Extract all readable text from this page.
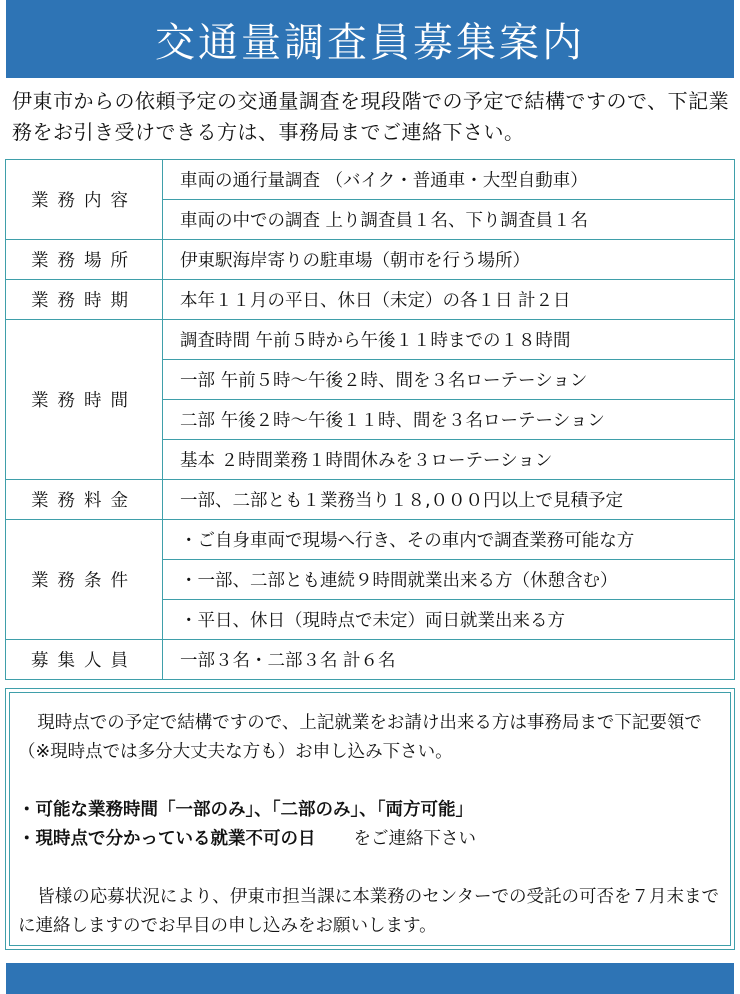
交通量調査員募集案内
伊東市からの依頼予定の交通量調査を現段階での予定で結構ですので、下記業務をお引き受けできる方は、事務局までご連絡下さい。
業務内容	車両の通行量調査 （バイク・普通車・大型自動車）
	車両の中での調査 上り調査員１名、下り調査員１名
業務場所	伊東駅海岸寄りの駐車場（朝市を行う場所）
業務時期	本年１１月の平日、休日（未定）の各１日 計２日
業務時間	調査時間 午前５時から午後１１時までの１８時間
	一部 午前５時～午後２時、間を３名ローテーション
	二部 午後２時～午後１１時、間を３名ローテーション
	基本 ２時間業務１時間休みを３ローテーション
業務料金	一部、二部とも１業務当り１８,０００円以上で見積予定
業務条件	・ご自身車両で現場へ行き、その車内で調査業務可能な方
	・一部、二部とも連続９時間就業出来る方（休憩含む）
	・平日、休日（現時点で未定）両日就業出来る方
募集人員	一部３名・二部３名 計６名

現時点での予定で結構ですので、上記就業をお請け出来る方は事務局まで下記要領で（※現時点では多分大丈夫な方も）お申し込み下さい。

・可能な業務時間「一部のみ」、「二部のみ」、「両方可能」

・現時点で分かっている就業不可の日 をご連絡下さい

皆様の応募状況により、伊東市担当課に本業務のセンターでの受託の可否を７月末までに連絡しますのでお早目の申し込みをお願いします。
